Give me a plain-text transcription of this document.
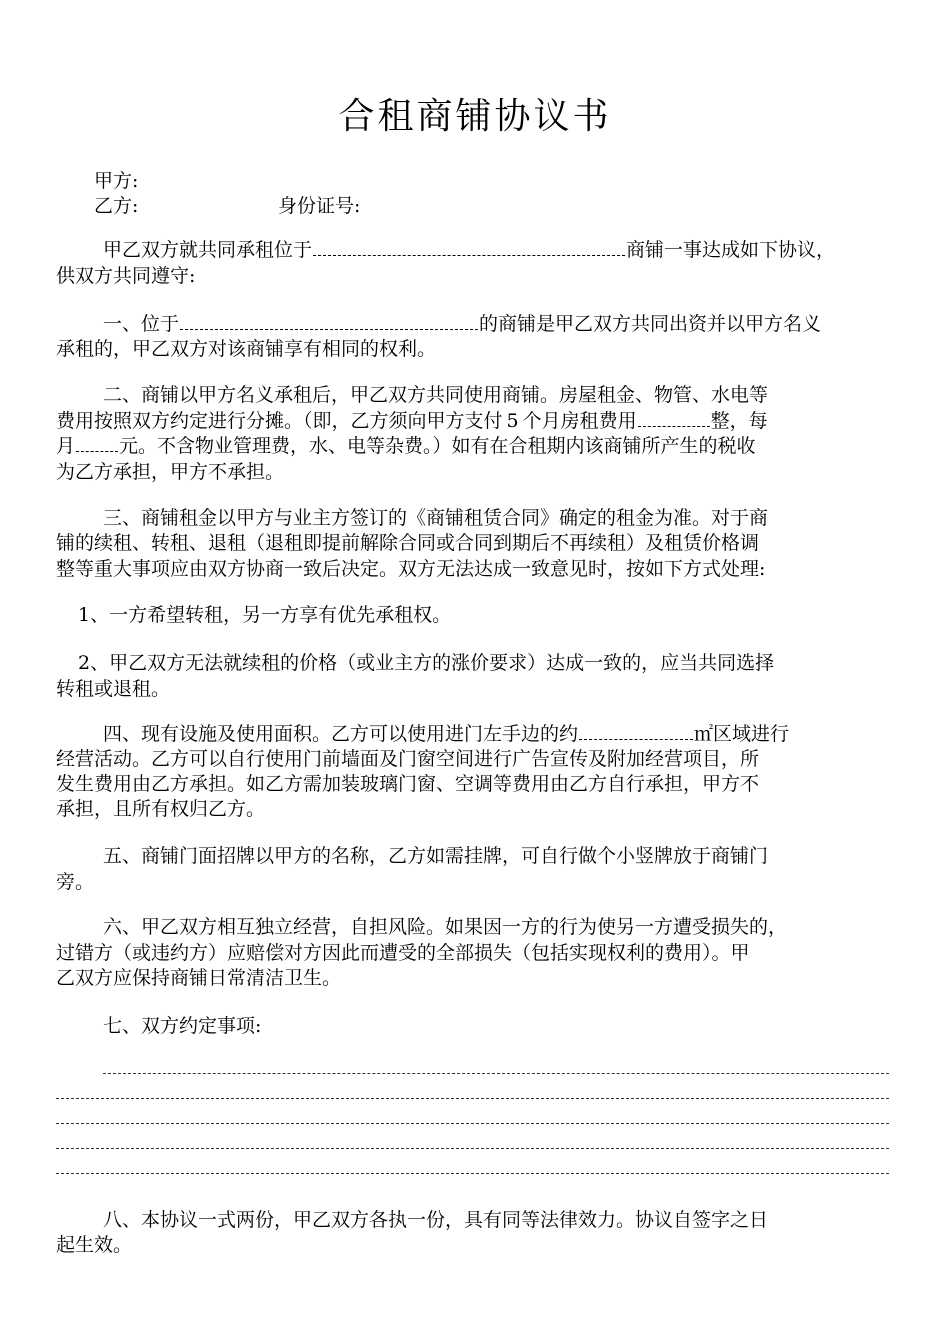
合租商铺协议书
甲方:
乙方:	身份证号:
甲乙双方就共同承租位于	商铺一事达成如下协议，
供双方共同遵守:
一、位于	的商铺是甲乙双方共同出资并以甲方名义
承租的，甲乙双方对该商铺享有相同的权利。
二、商铺以甲方名义承租后，甲乙双方共同使用商铺。房屋租金、物管、水电等
费用按照双方约定进行分摊。（即，乙方须向甲方支付 5 个月房租费用	整，每
月 元。不含物业管理费，水、电等杂费。）如有在合租期内该商铺所产生的税收
为乙方承担，甲方不承担。
三、商铺租金以甲方与业主方签订的《商铺租赁合同》确定的租金为准。对于商
铺的续租、转租、退租（退租即提前解除合同或合同到期后不再续租）及租赁价格调
整等重大事项应由双方协商一致后决定。双方无法达成一致意见时，按如下方式处理:
1、一方希望转租，另一方享有优先承租权。
2、甲乙双方无法就续租的价格（或业主方的涨价要求）达成一致的，应当共同选择
转租或退租。
四、现有设施及使用面积。乙方可以使用进门左手边的约	㎡区域进行
经营活动。乙方可以自行使用门前墙面及门窗空间进行广告宣传及附加经营项目，所
发生费用由乙方承担。如乙方需加装玻璃门窗、空调等费用由乙方自行承担，甲方不
承担，且所有权归乙方。
五、商铺门面招牌以甲方的名称，乙方如需挂牌，可自行做个小竖牌放于商铺门
旁。
六、甲乙双方相互独立经营，自担风险。如果因一方的行为使另一方遭受损失的，
过错方（或违约方）应赔偿对方因此而遭受的全部损失（包括实现权利的费用）。甲
乙双方应保持商铺日常清洁卫生。
七、双方约定事项:
八、本协议一式两份，甲乙双方各执一份，具有同等法律效力。协议自签字之日
起生效。
